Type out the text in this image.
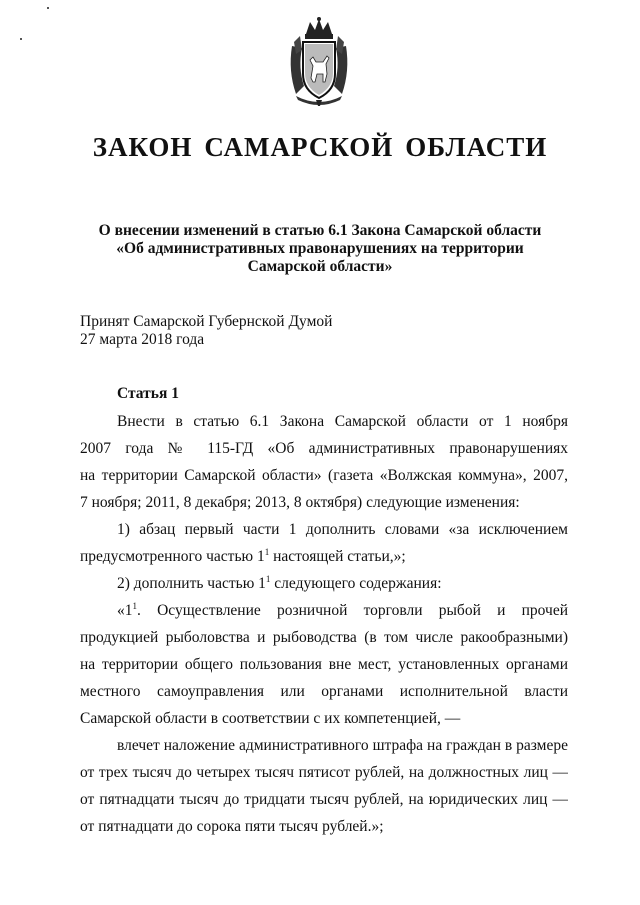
ЗАКОН САМАРСКОЙ ОБЛАСТИ
О внесении изменений в статью 6.1 Закона Самарской области
«Об административных правонарушениях на территории
Самарской области»
Принят Самарской Губернской Думой
27 марта 2018 года
Статья 1
Внести в статью 6.1 Закона Самарской области от 1 ноября
2007 года № 115-ГД «Об административных правонарушениях
на территории Самарской области» (газета «Волжская коммуна», 2007,
7 ноября; 2011, 8 декабря; 2013, 8 октября) следующие изменения:
1) абзац первый части 1 дополнить словами «за исключением
предусмотренного частью $1^1$ настоящей статьи,»;
2) дополнить частью $1^1$ следующего содержания:
«$1^1$. Осуществление розничной торговли рыбой и прочей
продукцией рыболовства и рыбоводства (в том числе ракообразными)
на территории общего пользования вне мест, установленных органами
местного самоуправления или органами исполнительной власти
Самарской области в соответствии с их компетенцией, —
влечет наложение административного штрафа на граждан в размере
от трех тысяч до четырех тысяч пятисот рублей, на должностных лиц —
от пятнадцати тысяч до тридцати тысяч рублей, на юридических лиц —
от пятнадцати до сорока пяти тысяч рублей.»;
